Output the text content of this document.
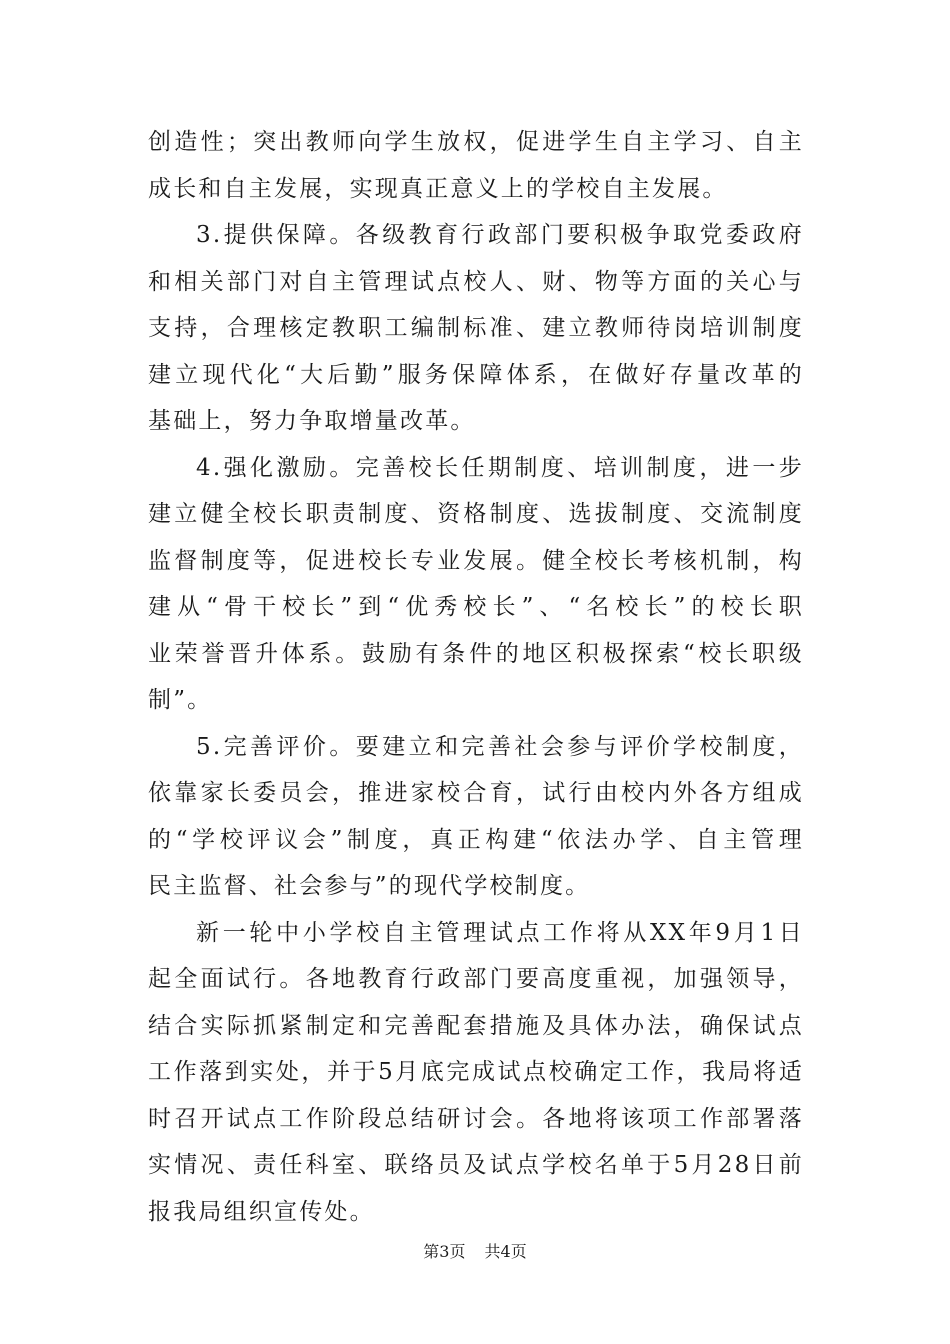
创造性；突出教师向学生放权，促进学生自主学习、自主
成长和自主发展，实现真正意义上的学校自主发展。
3.提供保障。各级教育行政部门要积极争取党委政府
和相关部门对自主管理试点校人、财、物等方面的关心与
支持，合理核定教职工编制标准、建立教师待岗培训制度
建立现代化“大后勤”服务保障体系，在做好存量改革的
基础上，努力争取增量改革。
4.强化激励。完善校长任期制度、培训制度，进一步
建立健全校长职责制度、资格制度、选拔制度、交流制度
监督制度等，促进校长专业发展。健全校长考核机制，构
建从“骨干校长”到“优秀校长”、“名校长”的校长职
业荣誉晋升体系。鼓励有条件的地区积极探索“校长职级
制”。
5.完善评价。要建立和完善社会参与评价学校制度，
依靠家长委员会，推进家校合育，试行由校内外各方组成
的“学校评议会”制度，真正构建“依法办学、自主管理
民主监督、社会参与”的现代学校制度。
新一轮中小学校自主管理试点工作将从XX年9月1日
起全面试行。各地教育行政部门要高度重视，加强领导，
结合实际抓紧制定和完善配套措施及具体办法，确保试点
工作落到实处，并于5月底完成试点校确定工作，我局将适
时召开试点工作阶段总结研讨会。各地将该项工作部署落
实情况、责任科室、联络员及试点学校名单于5月28日前
报我局组织宣传处。
第3页 共4页
